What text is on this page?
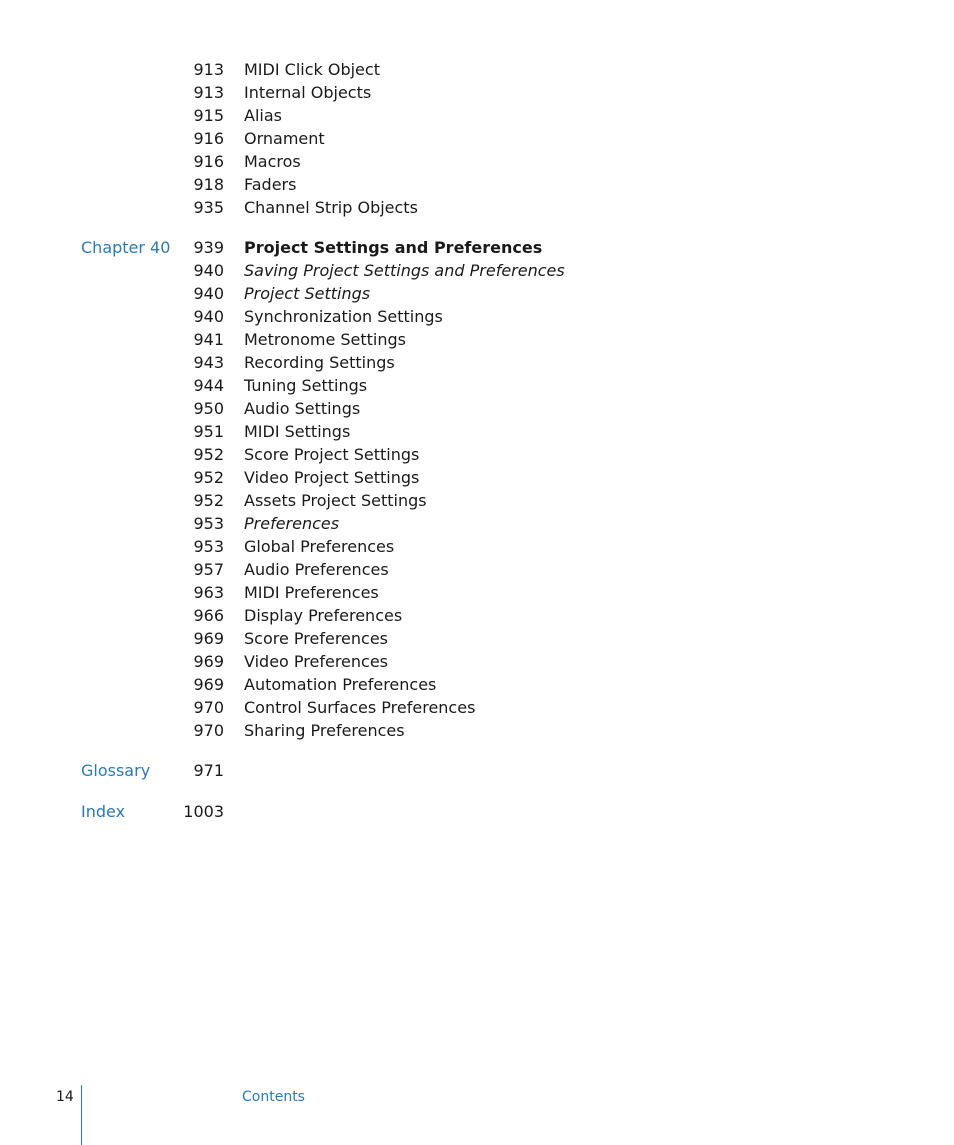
913 MIDI Click Object
913 Internal Objects
915 Alias
916 Ornament
916 Macros
918 Faders
935 Channel Strip Objects
Chapter 40 939 Project Settings and Preferences
940 Saving Project Settings and Preferences
940 Project Settings
940 Synchronization Settings
941 Metronome Settings
943 Recording Settings
944 Tuning Settings
950 Audio Settings
951 MIDI Settings
952 Score Project Settings
952 Video Project Settings
952 Assets Project Settings
953 Preferences
953 Global Preferences
957 Audio Preferences
963 MIDI Preferences
966 Display Preferences
969 Score Preferences
969 Video Preferences
969 Automation Preferences
970 Control Surfaces Preferences
970 Sharing Preferences
Glossary	971
Index	1003
14	Contents
